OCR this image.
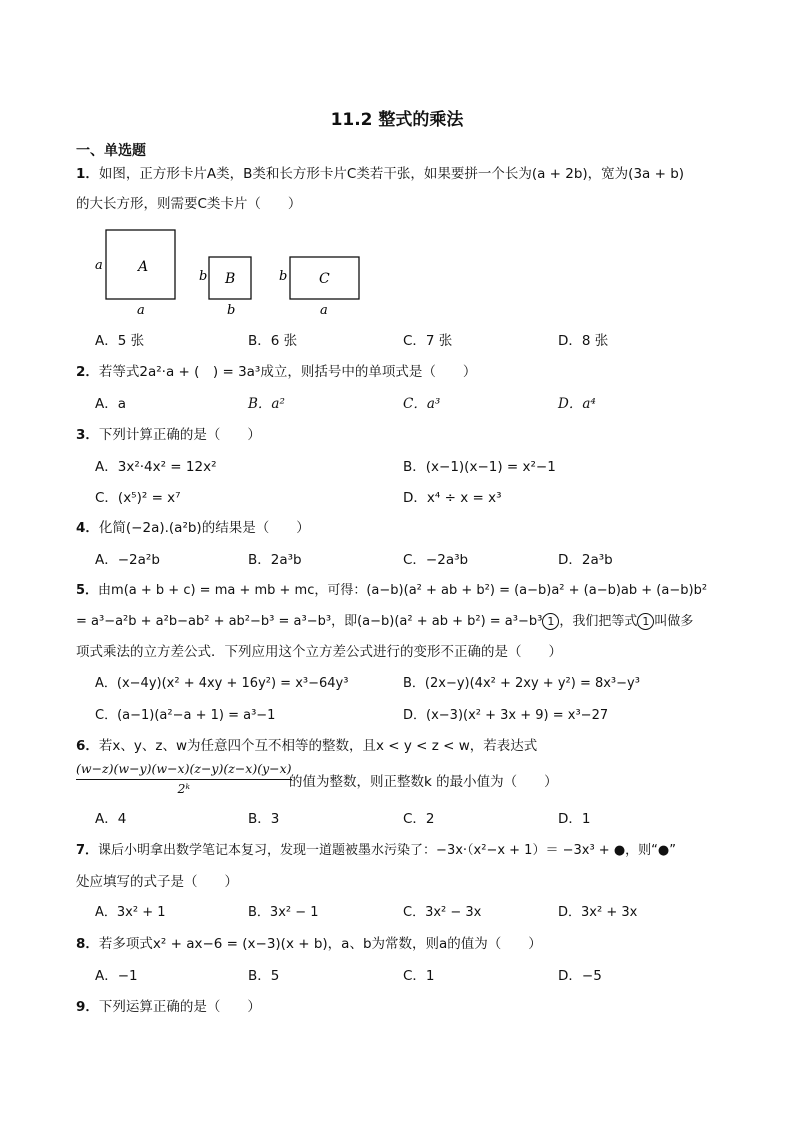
11.2 整式的乘法
一、单选题
1．如图，正方形卡片A类，B类和长方形卡片C类若干张，如果要拼一个长为(a + 2b)，宽为(3a + b)
的大长方形，则需要C类卡片（　　）
A
a
a
B
b
b
C
b
a
A．5 张	B．6 张	C．7 张	D．8 张
2．若等式2a²·a + (　) = 3a³成立，则括号中的单项式是（　　）
A．a	B．a²	C．a³	D．a⁴
3．下列计算正确的是（　　）
A．3x²·4x² = 12x²	B．(x−1)(x−1) = x²−1
C．(x⁵)² = x⁷	D．x⁴ ÷ x = x³
4．化简(−2a).(a²b)的结果是（　　）
A．−2a²b	B．2a³b	C．−2a³b	D．2a³b
5．由m(a + b + c) = ma + mb + mc，可得：(a−b)(a² + ab + b²) = (a−b)a² + (a−b)ab + (a−b)b²
= a³−a²b + a²b−ab² + ab²−b³ = a³−b³，即(a−b)(a² + ab + b²) = a³−b³ 1 ，我们把等式 1 叫做多
项式乘法的立方差公式．下列应用这个立方差公式进行的变形不正确的是（　　）
A．(x−4y)(x² + 4xy + 16y²) = x³−64y³	B．(2x−y)(4x² + 2xy + y²) = 8x³−y³
C．(a−1)(a²−a + 1) = a³−1	D．(x−3)(x² + 3x + 9) = x³−27
6．若x、y、z、w为任意四个互不相等的整数，且x < y < z < w，若表达式
$\frac{(w-z)(w-y)(w-x)(z-y)(z-x)(y-x)}{\text{2ᵏ}}$
的值为整数，则正整数k 的最小值为（　　）
A．4	B．3	C．2	D．1
7．课后小明拿出数学笔记本复习，发现一道题被墨水污染了：−3x·（x²−x + 1）＝ −3x³ + ●，则“●”
处应填写的式子是（　　）
A．3x² + 1	B．3x² − 1	C．3x² − 3x	D．3x² + 3x
8．若多项式x² + ax−6 = (x−3)(x + b)，a、b为常数，则a的值为（　　）
A．−1	B．5	C．1	D．−5
9．下列运算正确的是（　　）
